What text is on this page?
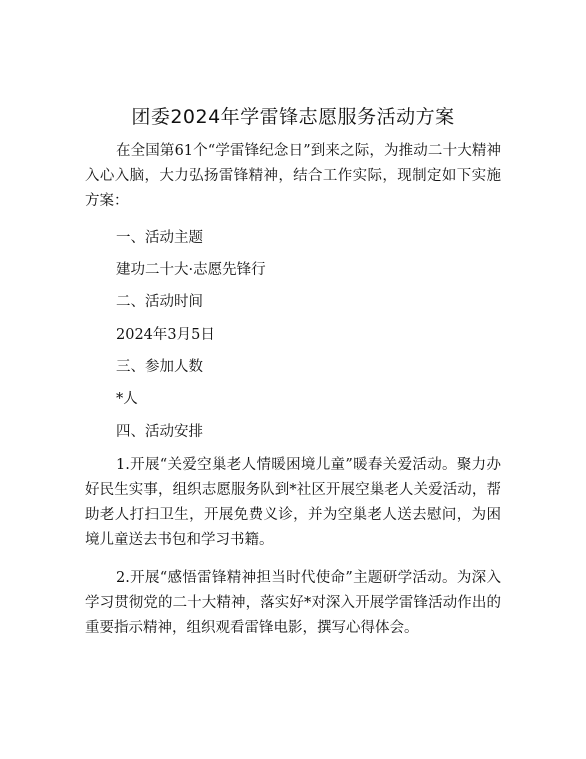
团委2024年学雷锋志愿服务活动方案
在全国第61个“学雷锋纪念日”到来之际，为推动二十大精神入心入脑，大力弘扬雷锋精神，结合工作实际，现制定如下实施方案：
一、活动主题
建功二十大·志愿先锋行
二、活动时间
2024年3月5日
三、参加人数
*人
四、活动安排
1.开展“关爱空巢老人情暖困境儿童”暖春关爱活动。聚力办好民生实事，组织志愿服务队到*社区开展空巢老人关爱活动，帮助老人打扫卫生，开展免费义诊，并为空巢老人送去慰问，为困境儿童送去书包和学习书籍。
2.开展“感悟雷锋精神担当时代使命”主题研学活动。为深入学习贯彻党的二十大精神，落实好*对深入开展学雷锋活动作出的重要指示精神，组织观看雷锋电影，撰写心得体会。
